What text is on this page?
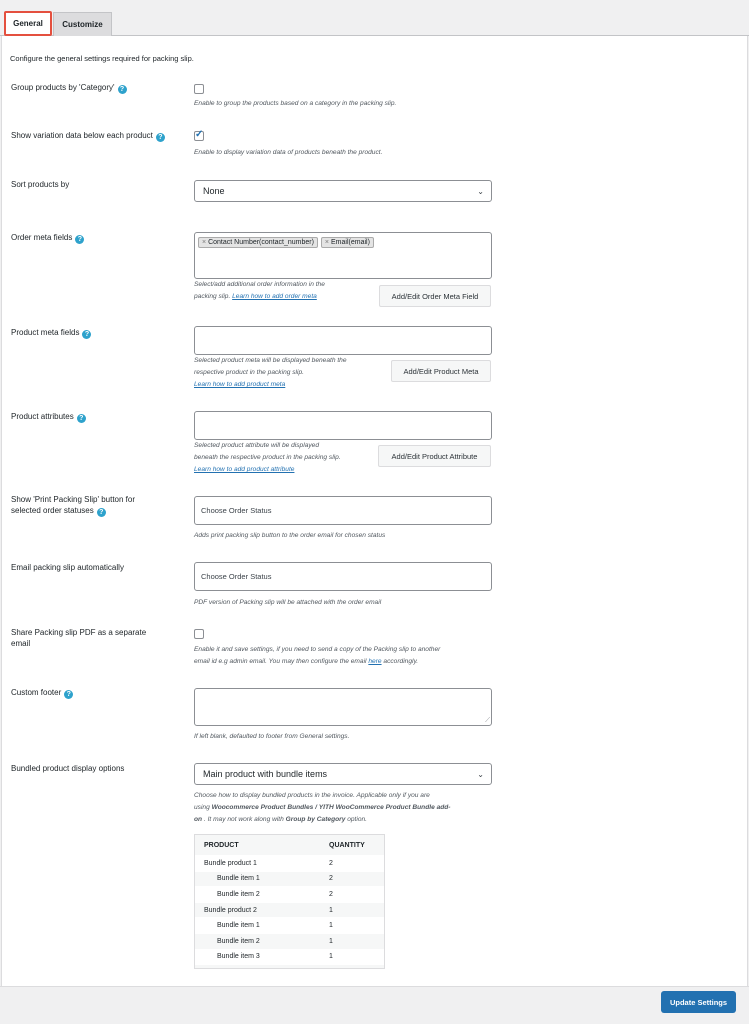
General	Customize
Configure the general settings required for packing slip.
Group products by 'Category' ?
Enable to group the products based on a category in the packing slip.
Show variation data below each product ?
✓
Enable to display variation data of products beneath the product.
Sort products by
None	⌄
Order meta fields ?	× Contact Number(contact_number) × Email(email)
Select/add additional order information in the
packing slip. Learn how to add order meta	Add/Edit Order Meta Field
Product meta fields ?
Selected product meta will be displayed beneath the
respective product in the packing slip.
Learn how to add product meta
Add/Edit Product Meta
Product attributes ?
Selected product attribute will be displayed
beneath the respective product in the packing slip.
Learn how to add product attribute
Add/Edit Product Attribute
Show 'Print Packing Slip' button for
selected order statuses ?	Choose Order Status
Adds print packing slip button to the order email for chosen status
Email packing slip automatically
Choose Order Status
PDF version of Packing slip will be attached with the order email
Share Packing slip PDF as a separate
email
Enable it and save settings, if you need to send a copy of the Packing slip to another
email id e.g admin email. You may then configure the email here accordingly.
Custom footer ?
⟋
If left blank, defaulted to footer from General settings.
Bundled product display options
Main product with bundle items	⌄
Choose how to display bundled products in the invoice. Applicable only if you are
using Woocommerce Product Bundles / YITH WooCommerce Product Bundle add-
on . It may not work along with Group by Category option.
PRODUCT	QUANTITY
Bundle product 1	2
Bundle item 1	2
Bundle item 2	2
Bundle product 2	1
Bundle item 1	1
Bundle item 2	1
Bundle item 3	1
Update Settings
